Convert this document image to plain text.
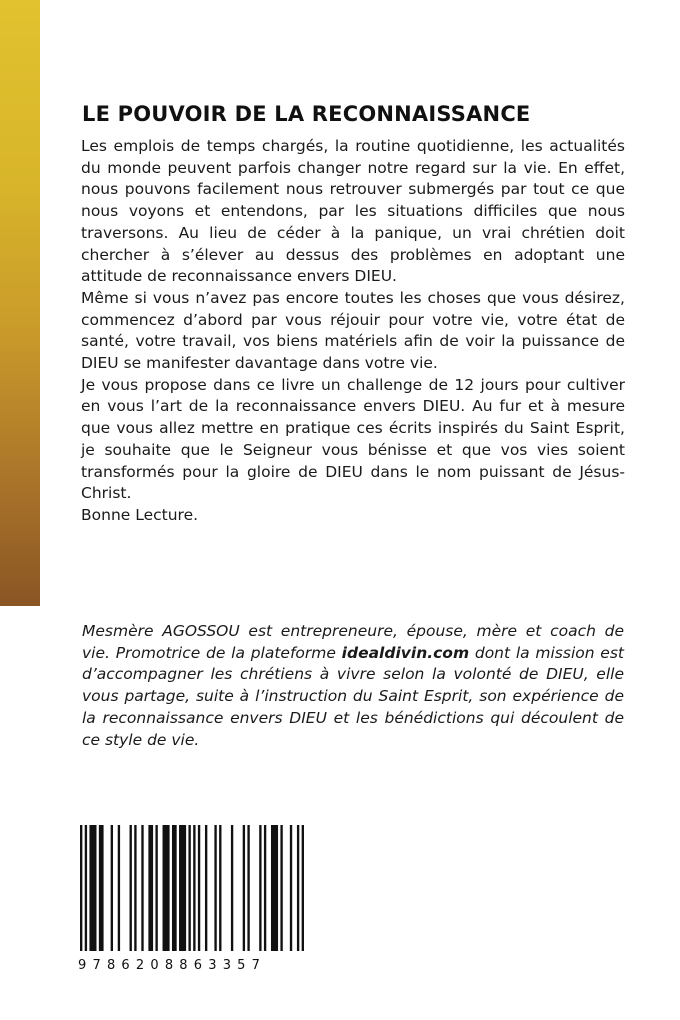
LE POUVOIR DE LA RECONNAISSANCE

Les emplois de temps chargés, la routine quotidienne, les actualités du monde peuvent parfois changer notre regard sur la vie. En effet, nous pouvons facilement nous retrouver submergés par tout ce que nous voyons et entendons, par les situations difficiles que nous traversons. Au lieu de céder à la panique, un vrai chrétien doit chercher à s’élever au dessus des problèmes en adoptant une attitude de reconnaissance envers DIEU.

Même si vous n’avez pas encore toutes les choses que vous désirez, commencez d’abord par vous réjouir pour votre vie, votre état de santé, votre travail, vos biens matériels afin de voir la puissance de DIEU se manifester davantage dans votre vie.

Je vous propose dans ce livre un challenge de 12 jours pour cultiver en vous l’art de la reconnaissance envers DIEU. Au fur et à mesure que vous allez mettre en pratique ces écrits inspirés du Saint Esprit, je souhaite que le Seigneur vous bénisse et que vos vies soient transformés pour la gloire de DIEU dans le nom puissant de Jésus-Christ.

Bonne Lecture.

Mesmère AGOSSOU est entrepreneure, épouse, mère et coach de vie. Promotrice de la plateforme idealdivin.com dont la mission est d’accompagner les chrétiens à vivre selon la volonté de DIEU, elle vous partage, suite à l’instruction du Saint Esprit, son expérience de la reconnaissance envers DIEU et les bénédictions qui découlent de ce style de vie.
9786208863357
